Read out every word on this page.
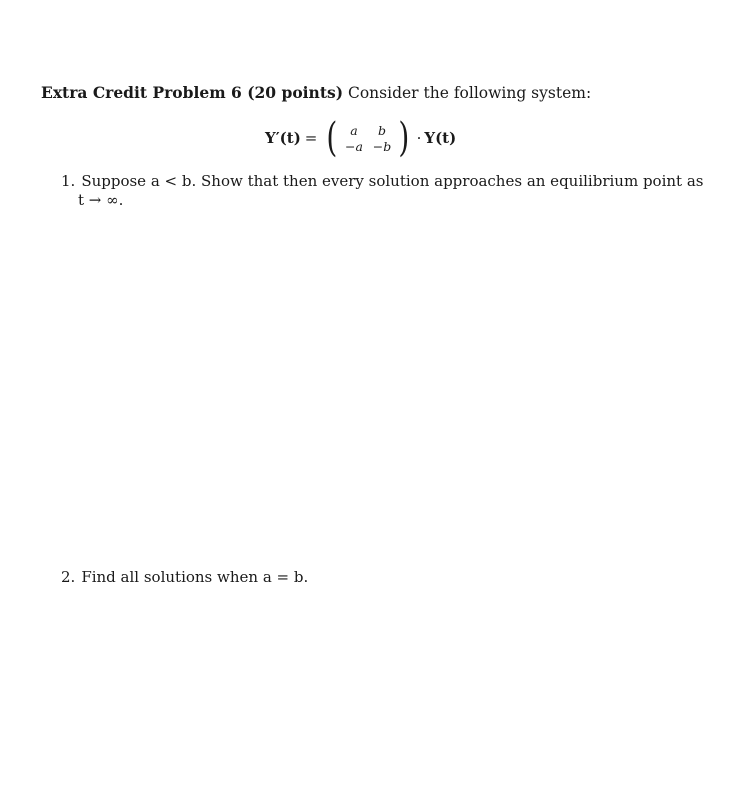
Extra Credit Problem 6 (20 points) Consider the following system:
Y′(t) = (	a	b
−a −b ) · Y(t)
1. Suppose a < b. Show that then every solution approaches an equilibrium point as
t → ∞.
2. Find all solutions when a = b.
